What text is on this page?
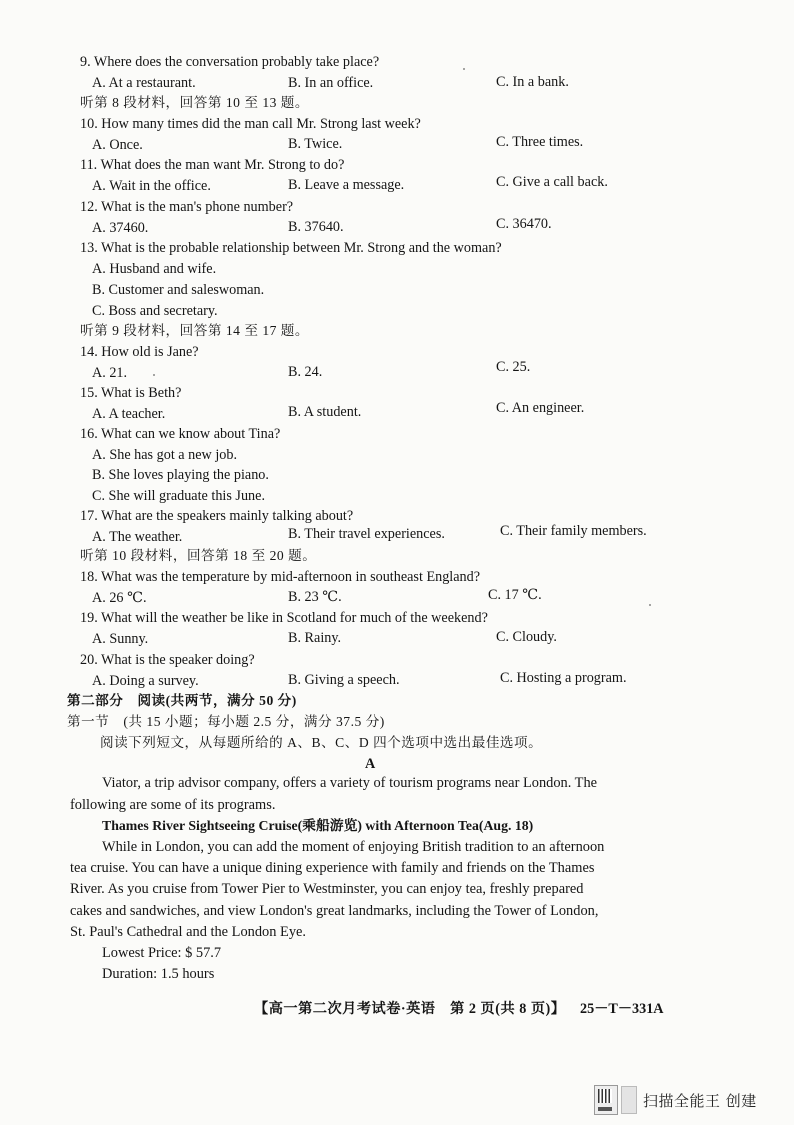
9. Where does the conversation probably take place?
A. At a restaurant.	B. In an office.	C. In a bank.
听第 8 段材料，回答第 10 至 13 题。
10. How many times did the man call Mr. Strong last week?
A. Once.	B. Twice.	C. Three times.
11. What does the man want Mr. Strong to do?
A. Wait in the office.	B. Leave a message.	C. Give a call back.
12. What is the man's phone number?
A. 37460.	B. 37640.	C. 36470.
13. What is the probable relationship between Mr. Strong and the woman?
A. Husband and wife.
B. Customer and saleswoman.
C. Boss and secretary.
听第 9 段材料，回答第 14 至 17 题。
14. How old is Jane?
A. 21.	B. 24.	C. 25.
15. What is Beth?
A. A teacher.	B. A student.	C. An engineer.
16. What can we know about Tina?
A. She has got a new job.
B. She loves playing the piano.
C. She will graduate this June.
17. What are the speakers mainly talking about?
A. The weather.	B. Their travel experiences.	C. Their family members.
听第 10 段材料，回答第 18 至 20 题。
18. What was the temperature by mid-afternoon in southeast England?
A. 26 ℃.	B. 23 ℃.	C. 17 ℃.
19. What will the weather be like in Scotland for much of the weekend?
A. Sunny.	B. Rainy.	C. Cloudy.
20. What is the speaker doing?
A. Doing a survey.	B. Giving a speech.	C. Hosting a program.
第二部分　阅读(共两节，满分 50 分)
第一节　(共 15 小题；每小题 2.5 分，满分 37.5 分)
阅读下列短文，从每题所给的 A、B、C、D 四个选项中选出最佳选项。
A
Viator, a trip advisor company, offers a variety of tourism programs near London. The
following are some of its programs.
Thames River Sightseeing Cruise(乘船游览) with Afternoon Tea(Aug. 18)
While in London, you can add the moment of enjoying British tradition to an afternoon
tea cruise. You can have a unique dining experience with family and friends on the Thames
River. As you cruise from Tower Pier to Westminster, you can enjoy tea, freshly prepared
cakes and sandwiches, and view London's great landmarks, including the Tower of London,
St. Paul's Cathedral and the London Eye.
Lowest Price: $ 57.7
Duration: 1.5 hours
【高一第二次月考试卷·英语　第 2 页(共 8 页)】 25－T－331A
扫描全能王 创建
